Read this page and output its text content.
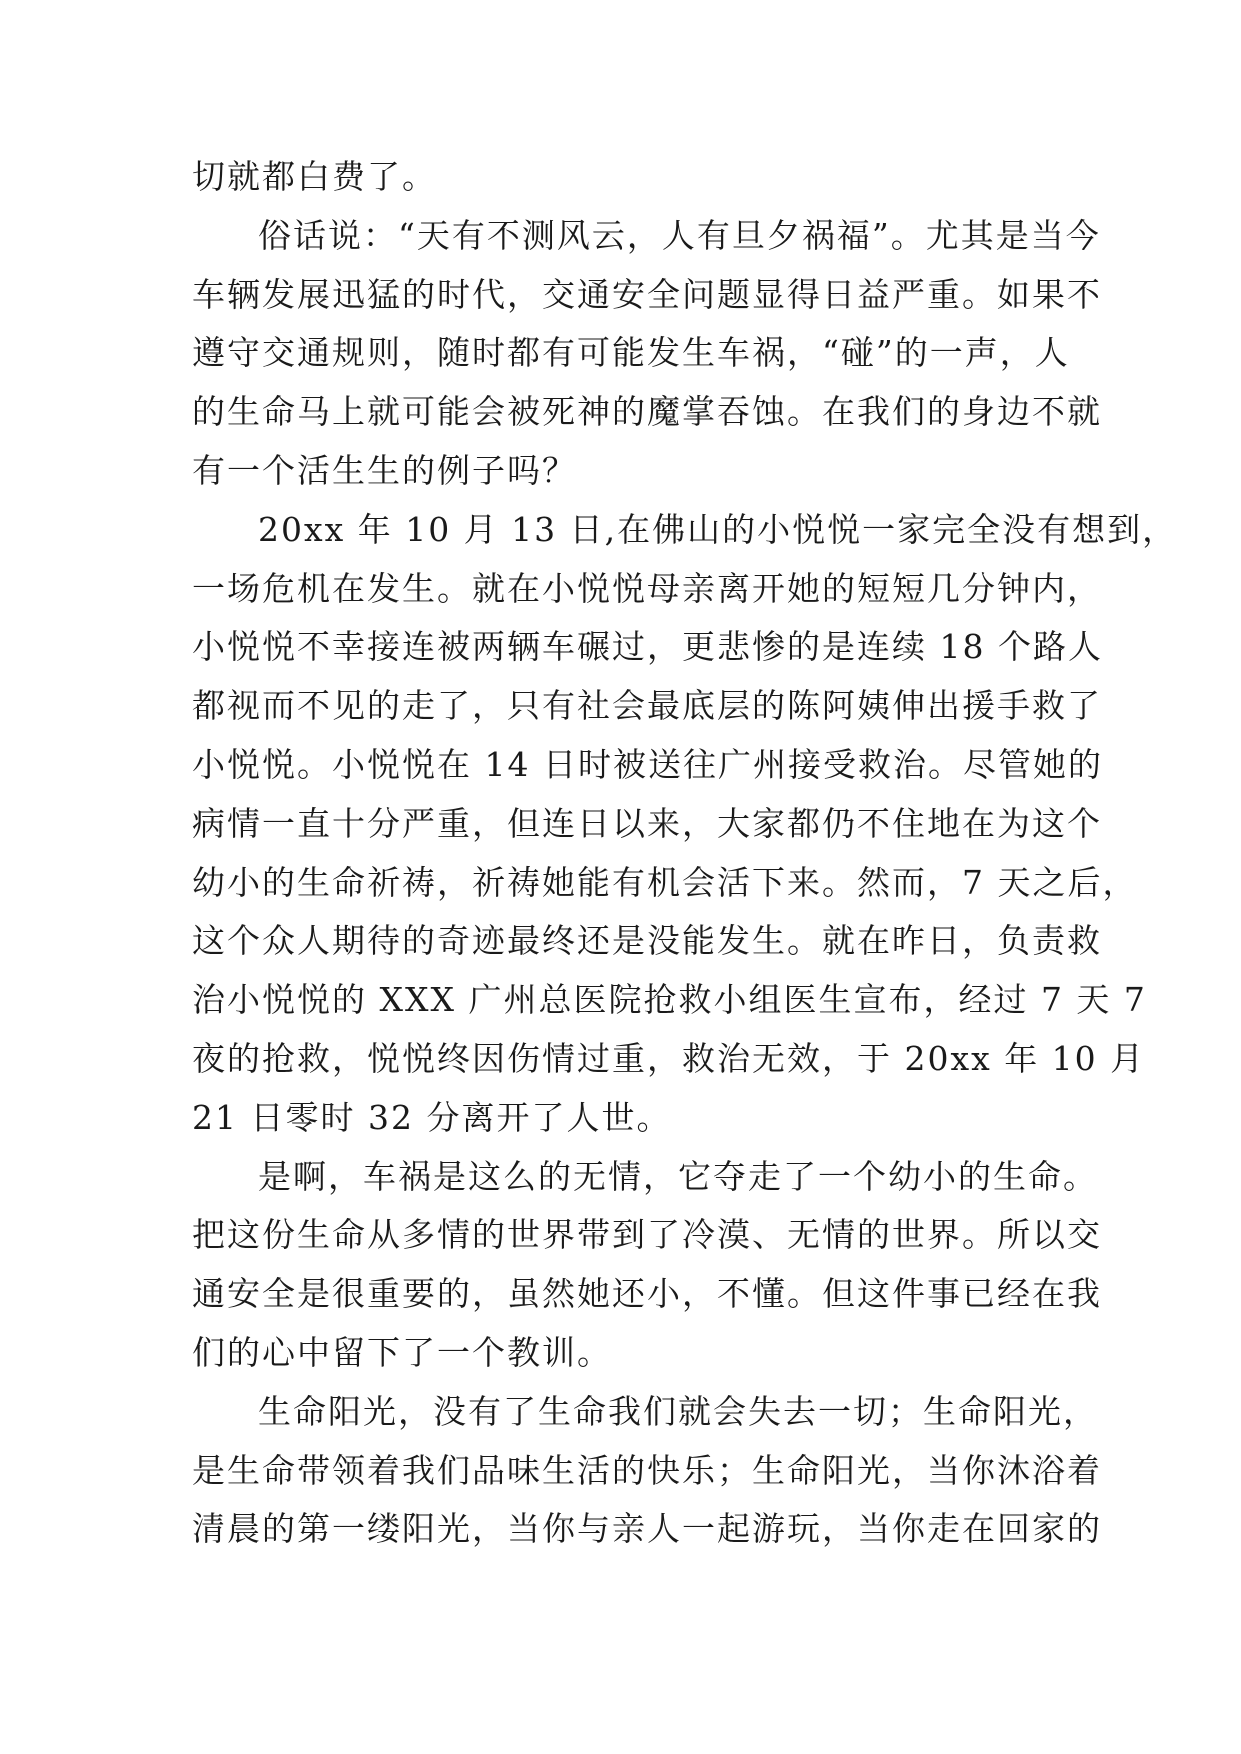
切就都白费了。
俗话说：“天有不测风云，人有旦夕祸福”。尤其是当今
车辆发展迅猛的时代，交通安全问题显得日益严重。如果不
遵守交通规则，随时都有可能发生车祸，“碰”的一声，人
的生命马上就可能会被死神的魔掌吞蚀。在我们的身边不就
有一个活生生的例子吗？
20xx 年 10 月 13 日,在佛山的小悦悦一家完全没有想到，
一场危机在发生。就在小悦悦母亲离开她的短短几分钟内，
小悦悦不幸接连被两辆车碾过，更悲惨的是连续 18 个路人
都视而不见的走了，只有社会最底层的陈阿姨伸出援手救了
小悦悦。小悦悦在 14 日时被送往广州接受救治。尽管她的
病情一直十分严重，但连日以来，大家都仍不住地在为这个
幼小的生命祈祷，祈祷她能有机会活下来。然而，7 天之后，
这个众人期待的奇迹最终还是没能发生。就在昨日，负责救
治小悦悦的 XXX 广州总医院抢救小组医生宣布，经过 7 天 7
夜的抢救，悦悦终因伤情过重，救治无效，于 20xx 年 10 月
21 日零时 32 分离开了人世。
是啊，车祸是这么的无情，它夺走了一个幼小的生命。
把这份生命从多情的世界带到了冷漠、无情的世界。所以交
通安全是很重要的，虽然她还小，不懂。但这件事已经在我
们的心中留下了一个教训。
生命阳光，没有了生命我们就会失去一切；生命阳光，
是生命带领着我们品味生活的快乐；生命阳光，当你沐浴着
清晨的第一缕阳光，当你与亲人一起游玩，当你走在回家的
